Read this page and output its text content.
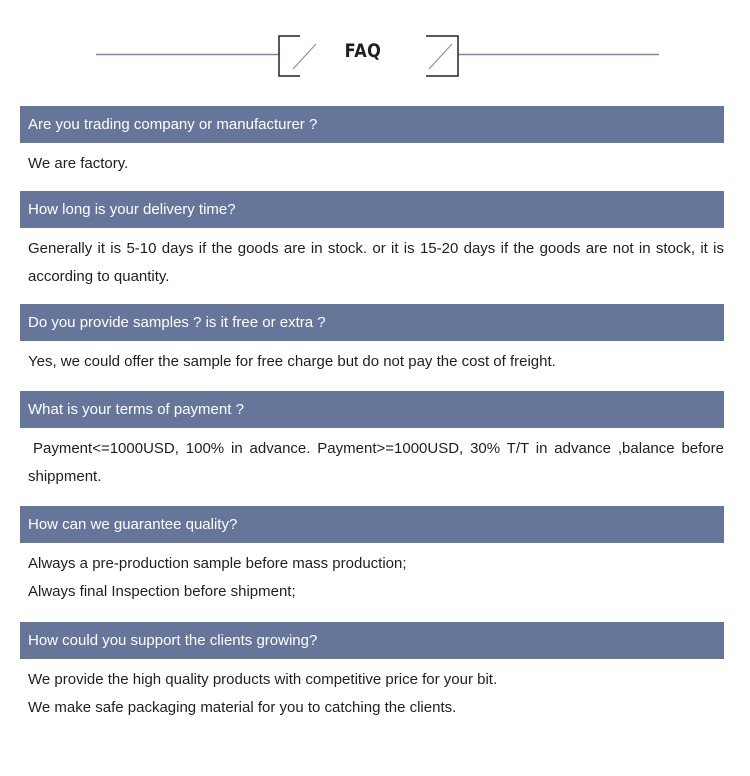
FAQ
Are you trading company or manufacturer ?
We are factory.
How long is your delivery time?
Generally it is 5-10 days if the goods are in stock. or it is 15-20 days if the goods are not in stock, it is according to quantity.
Do you provide samples ? is it free or extra ?
Yes, we could offer the sample for free charge but do not pay the cost of freight.
What is your terms of payment ?
Payment<=1000USD, 100% in advance. Payment>=1000USD, 30% T/T in advance ,balance before shippment.
How can we guarantee quality?
Always a pre-production sample before mass production;
Always final Inspection before shipment;
How could you support the clients growing?
We provide the high quality products with competitive price for your bit.
We make safe packaging material for you to catching the clients.
